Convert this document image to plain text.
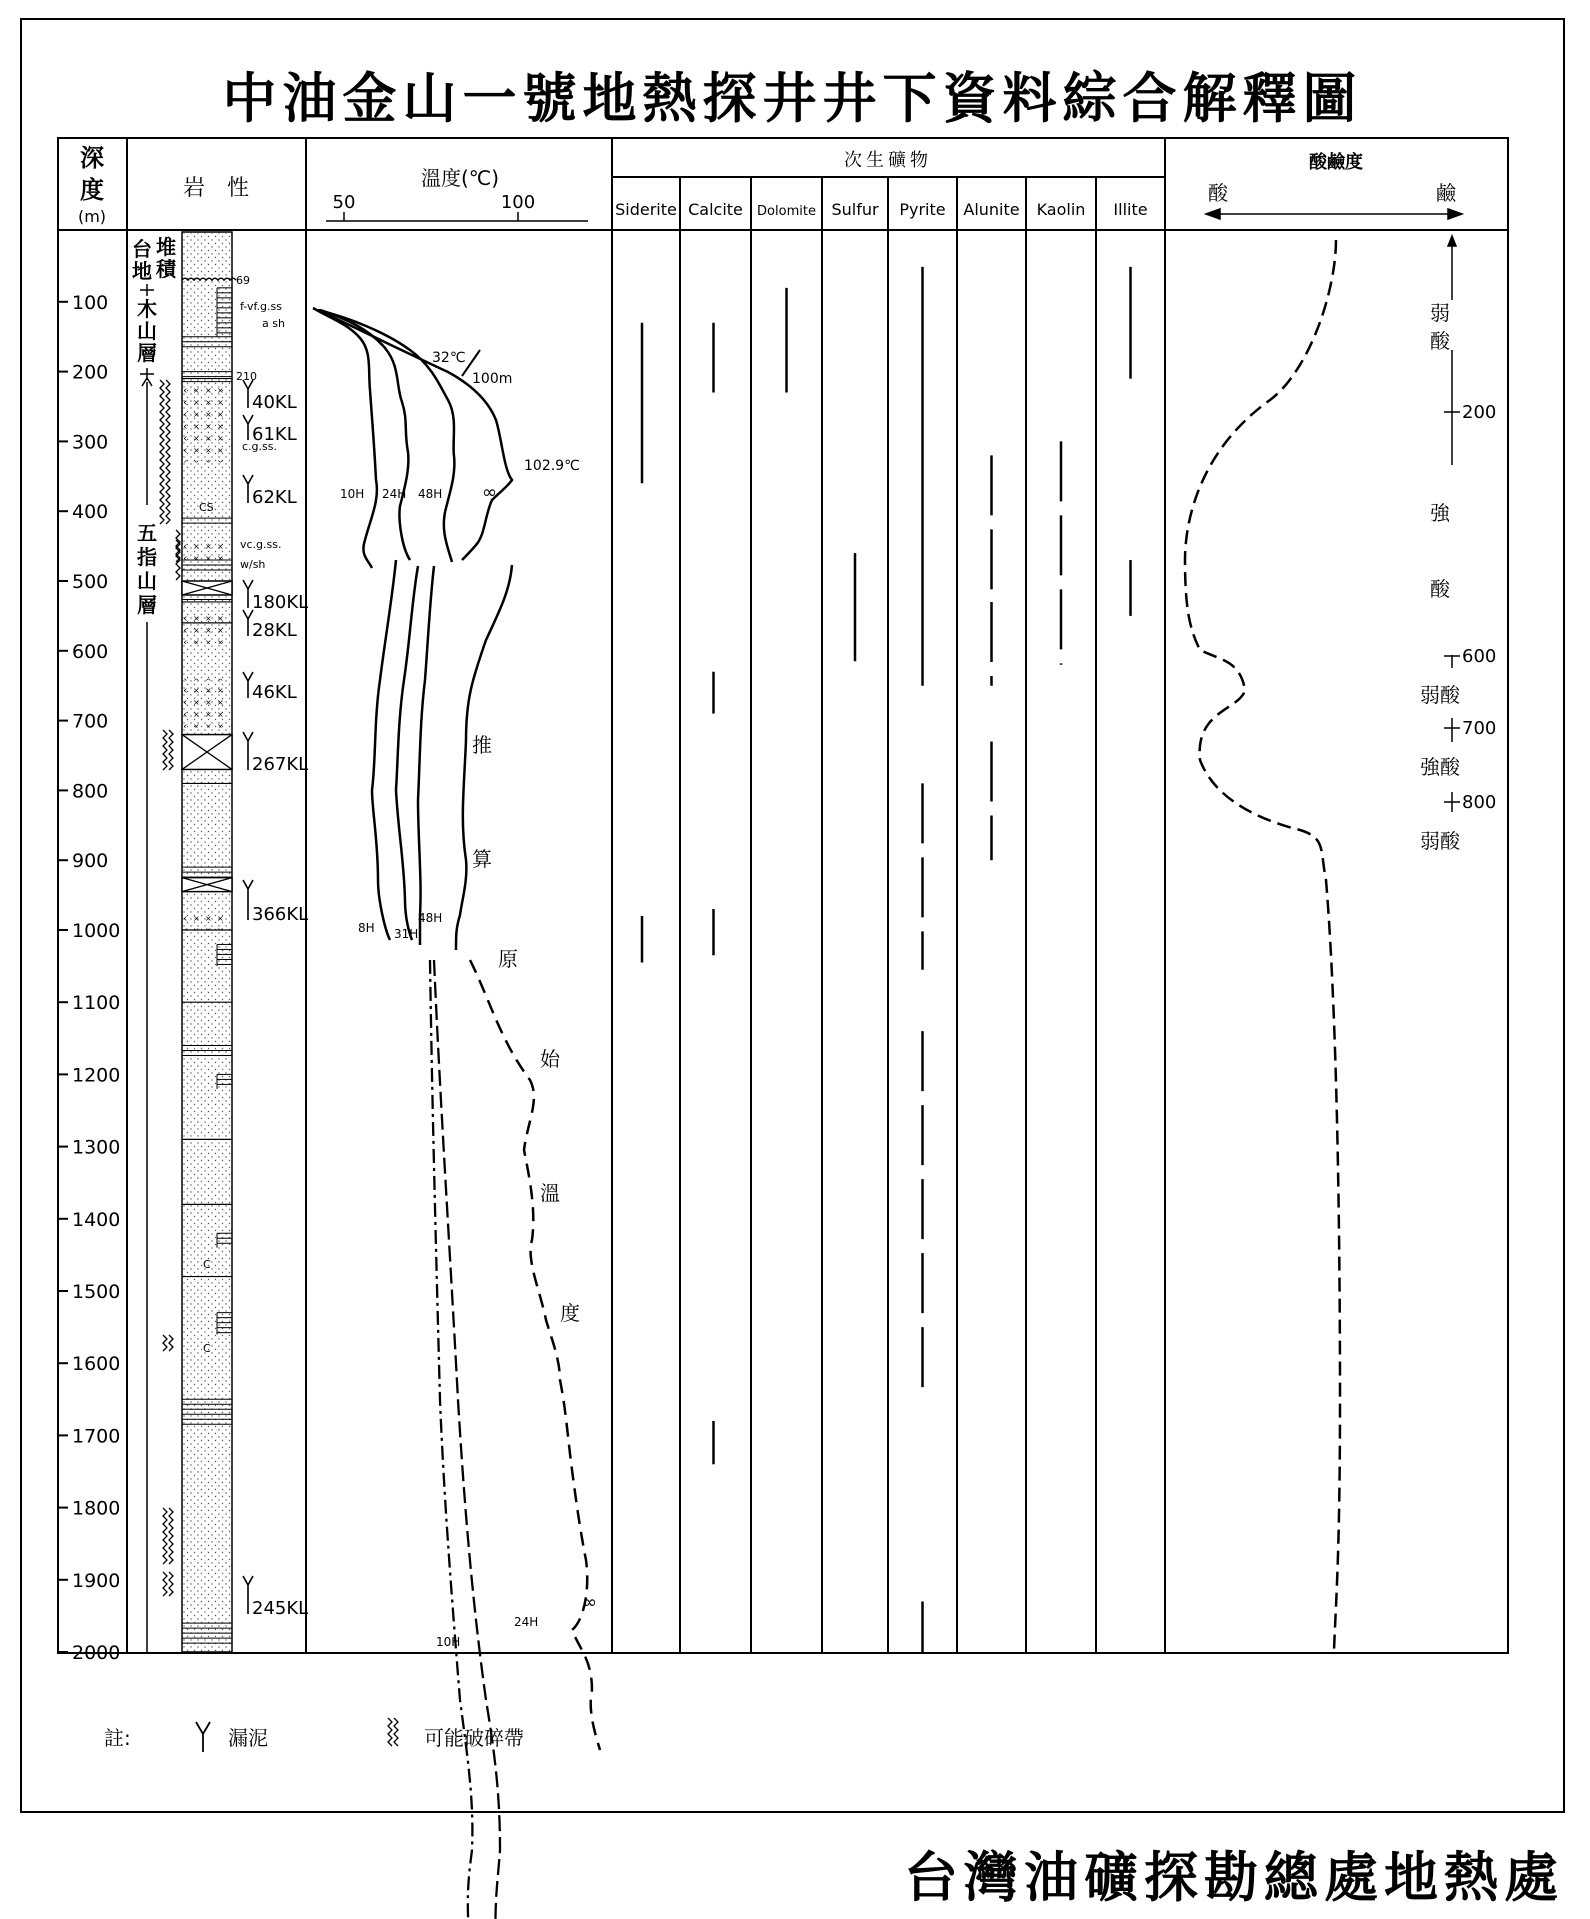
中油金山一號地熱探井井下資料綜合解釋圖
深
度
(m)
岩　性	溫度(℃)
50	100
次生礦物
Siderite Calcite Dolomite Sulfur Pyrite Alunite Kaolin Illite
酸鹼度
酸	鹼
100
200
300
400
500
600
700
800
900
1000
1100
1200
1300
1400
1500
1600
1700
1800
1900
2000
台
地
堆
積
木
山
層
五
指
山
層
69
f-vf.g.ss
a sh
210
c.g.ss.
CS
vc.g.ss.
w/sh
C
C
40KL
61KL
62KL
180KL
28KL
46KL
267KL
366KL
245KL
32℃
100m
102.9℃
10H 24H 48H ∞
8H 31H
48H
10H
24H
∞
推
算
原
始
溫
度
弱
酸
強
酸
弱酸
強酸
弱酸
200
600
700
800
註:	漏泥	可能破碎帶
台灣油礦探勘總處地熱處
